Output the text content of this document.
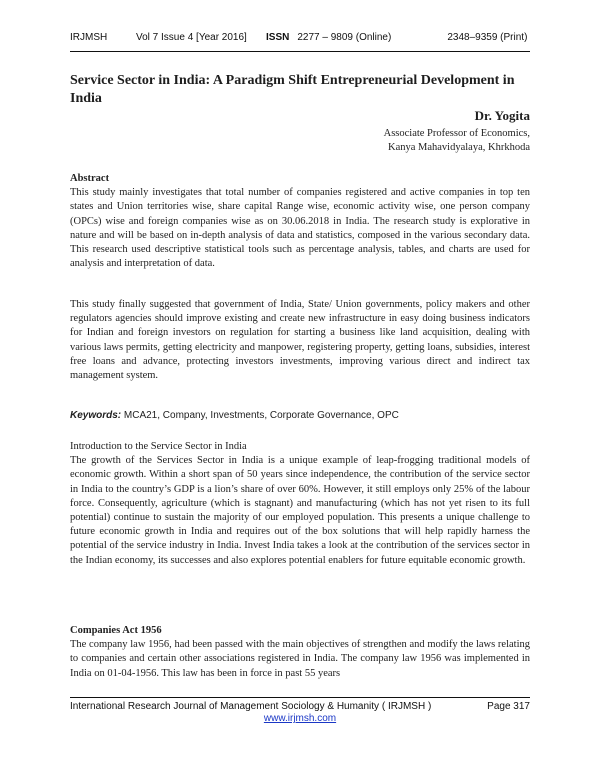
IRJMSH	Vol 7 Issue 4 [Year 2016] ISSN 2277 – 9809 (Online)	2348–9359 (Print)
Service Sector in India: A Paradigm Shift Entrepreneurial Development in India
Dr. Yogita
Associate Professor of Economics,
Kanya Mahavidyalaya, Khrkhoda

Abstract

This study mainly investigates that total number of companies registered and active companies in top ten states and Union territories wise, share capital Range wise, economic activity wise, one person company (OPCs) wise and foreign companies wise as on 30.06.2018 in India. The research study is explorative in nature and will be based on in-depth analysis of data and statistics, composed in the various secondary data. This research used descriptive statistical tools such as percentage analysis, tables, and charts are used for analysis and interpretation of data.

This study finally suggested that government of India, State/ Union governments, policy makers and other regulators agencies should improve existing and create new infrastructure in easy doing business indicators for Indian and foreign investors on regulation for starting a business like land acquisition, dealing with various laws permits, getting electricity and manpower, registering property, getting loans, subsidies, interest free loans and advance, protecting investors investments, improving various direct and indirect tax management system.

Keywords: MCA21, Company, Investments, Corporate Governance, OPC

Introduction to the Service Sector in India

The growth of the Services Sector in India is a unique example of leap-frogging traditional models of economic growth. Within a short span of 50 years since independence, the contribution of the service sector in India to the country’s GDP is a lion’s share of over 60%. However, it still employs only 25% of the labour force. Consequently, agriculture (which is stagnant) and manufacturing (which has not yet risen to its full potential) continue to sustain the majority of our employed population. This presents a unique challenge to future economic growth in India and requires out of the box solutions that will help rapidly harness the potential of the service industry in India. Invest India takes a look at the contribution of the services sector in the Indian economy, its successes and also explores potential enablers for future equitable economic growth.

Companies Act 1956

The company law 1956, had been passed with the main objectives of strengthen and modify the laws relating to companies and certain other associations registered in India. The company law 1956 was implemented in India on 01-04-1956. This law has been in force in past 55 years

International Research Journal of Management Sociology & Humanity ( IRJMSH )	Page 317
www.irjmsh.com
